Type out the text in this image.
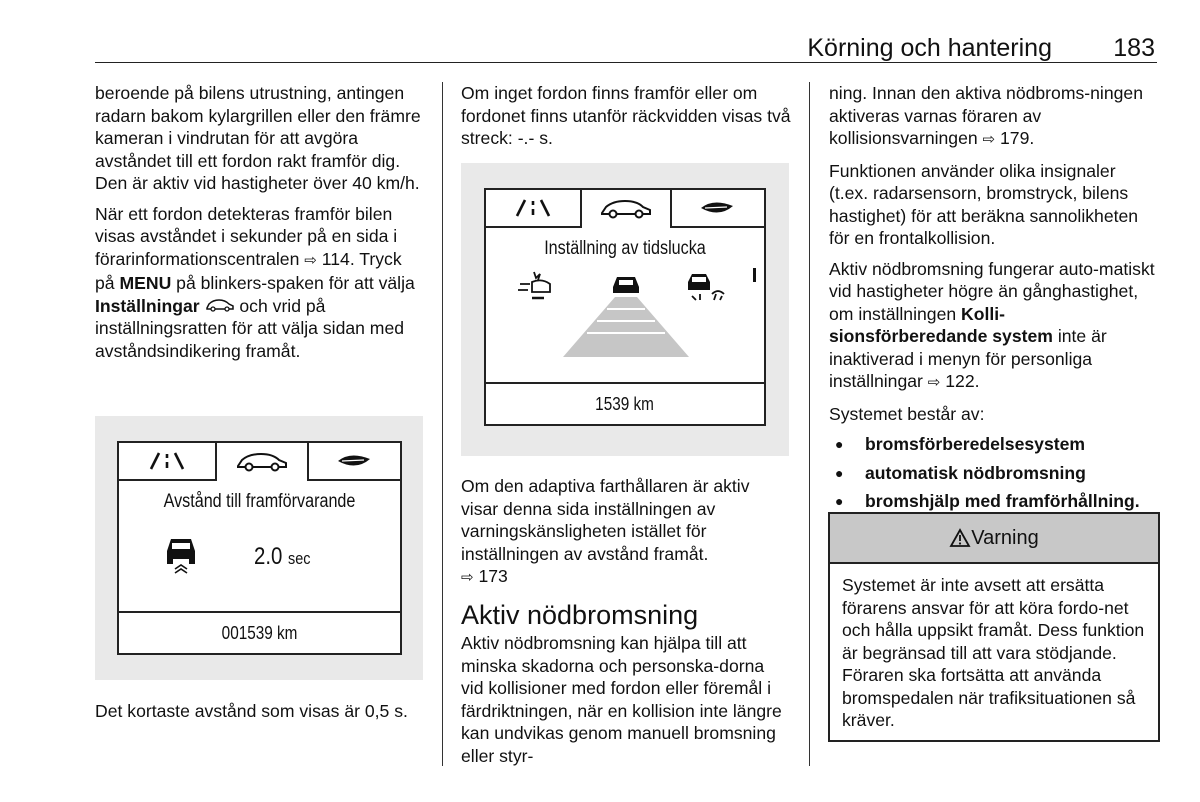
Körning och hantering 183

beroende på bilens utrustning, antingen radarn bakom kylargrillen eller den främre kameran i vindrutan för att avgöra avståndet till ett fordon rakt framför dig. Den är aktiv vid hastigheter över 40 km/h.

När ett fordon detekteras framför bilen visas avståndet i sekunder på en sida i förarinformationscentralen ⇨ 114. Tryck på MENU på blinkers-spaken för att välja Inställningar och vrid på inställningsratten för att välja sidan med avståndsindikering framåt.

Avstånd till framförvarande
2.0 sec
001539 km

Det kortaste avstånd som visas är 0,5 s.

Om inget fordon finns framför eller om fordonet finns utanför räckvidden visas två streck: -.- s.

Inställning av tidslucka
1539 km

Om den adaptiva farthållaren är aktiv visar denna sida inställningen av varningskänsligheten istället för inställningen av avstånd framåt.
⇨ 173

Aktiv nödbromsning

Aktiv nödbromsning kan hjälpa till att minska skadorna och personska-dorna vid kollisioner med fordon eller föremål i färdriktningen, när en kollision inte längre kan undvikas genom manuell bromsning eller styr-

ning. Innan den aktiva nödbroms-ningen aktiveras varnas föraren av kollisionsvarningen ⇨ 179.

Funktionen använder olika insignaler (t.ex. radarsensorn, bromstryck, bilens hastighet) för att beräkna sannolikheten för en frontalkollision.

Aktiv nödbromsning fungerar auto-matiskt vid hastigheter högre än gånghastighet, om inställningen Kolli-sionsförberedande system inte är inaktiverad i menyn för personliga inställningar ⇨ 122.

Systemet består av:

● bromsförberedelsesystem
● automatisk nödbromsning
● bromshjälp med framförhållning.
Varning
Systemet är inte avsett att ersätta förarens ansvar för att köra fordo-net och hålla uppsikt framåt. Dess funktion är begränsad till att vara stödjande. Föraren ska fortsätta att använda bromspedalen när trafiksituationen så kräver.
